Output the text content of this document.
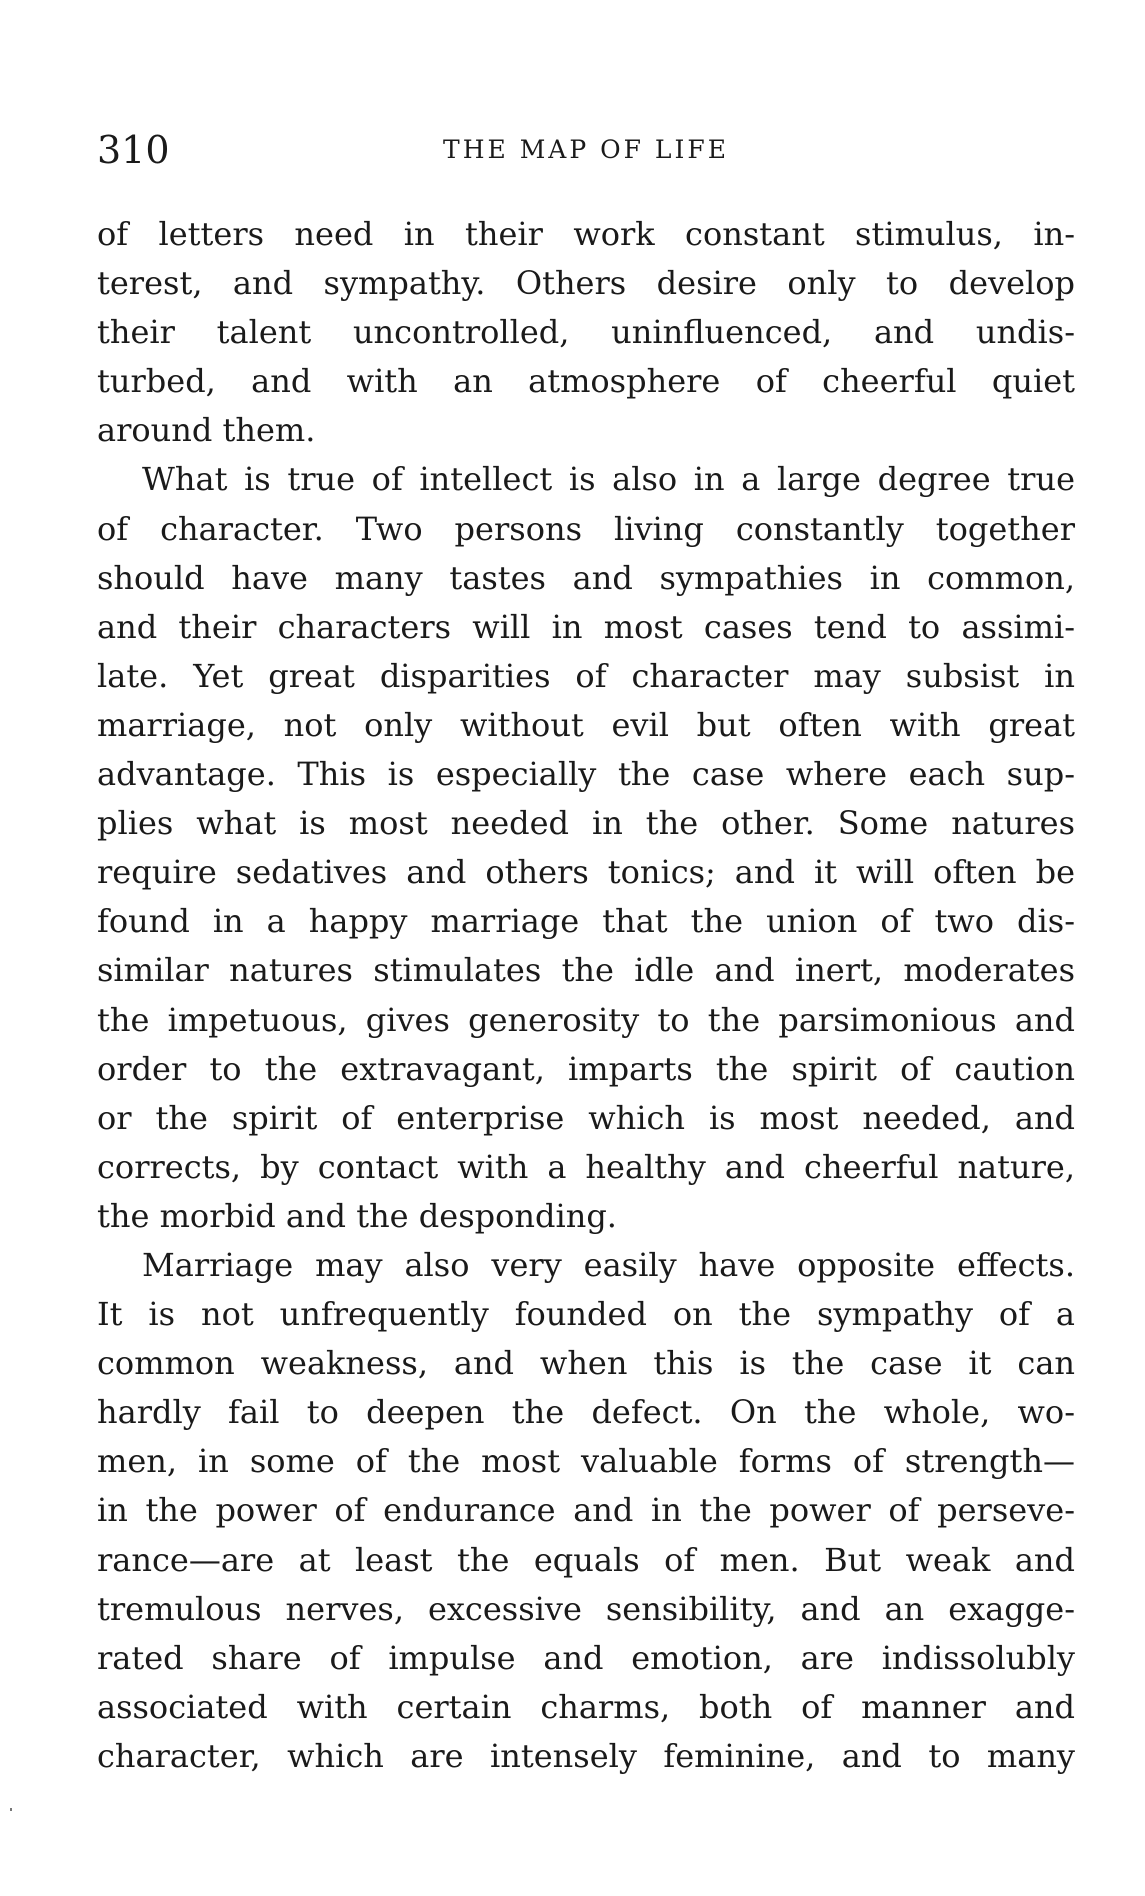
310	THE MAP OF LIFE
of letters need in their work constant stimulus, in-
terest, and sympathy. Others desire only to develop
their talent uncontrolled, uninfluenced, and undis-
turbed, and with an atmosphere of cheerful quiet
around them.
What is true of intellect is also in a large degree true
of character. Two persons living constantly together
should have many tastes and sympathies in common,
and their characters will in most cases tend to assimi-
late. Yet great disparities of character may subsist in
marriage, not only without evil but often with great
advantage. This is especially the case where each sup-
plies what is most needed in the other. Some natures
require sedatives and others tonics; and it will often be
found in a happy marriage that the union of two dis-
similar natures stimulates the idle and inert, moderates
the impetuous, gives generosity to the parsimonious and
order to the extravagant, imparts the spirit of caution
or the spirit of enterprise which is most needed, and
corrects, by contact with a healthy and cheerful nature,
the morbid and the desponding.
Marriage may also very easily have opposite effects.
It is not unfrequently founded on the sympathy of a
common weakness, and when this is the case it can
hardly fail to deepen the defect. On the whole, wo-
men, in some of the most valuable forms of strength—
in the power of endurance and in the power of perseve-
rance—are at least the equals of men. But weak and
tremulous nerves, excessive sensibility, and an exagge-
rated share of impulse and emotion, are indissolubly
associated with certain charms, both of manner and
character, which are intensely feminine, and to many
